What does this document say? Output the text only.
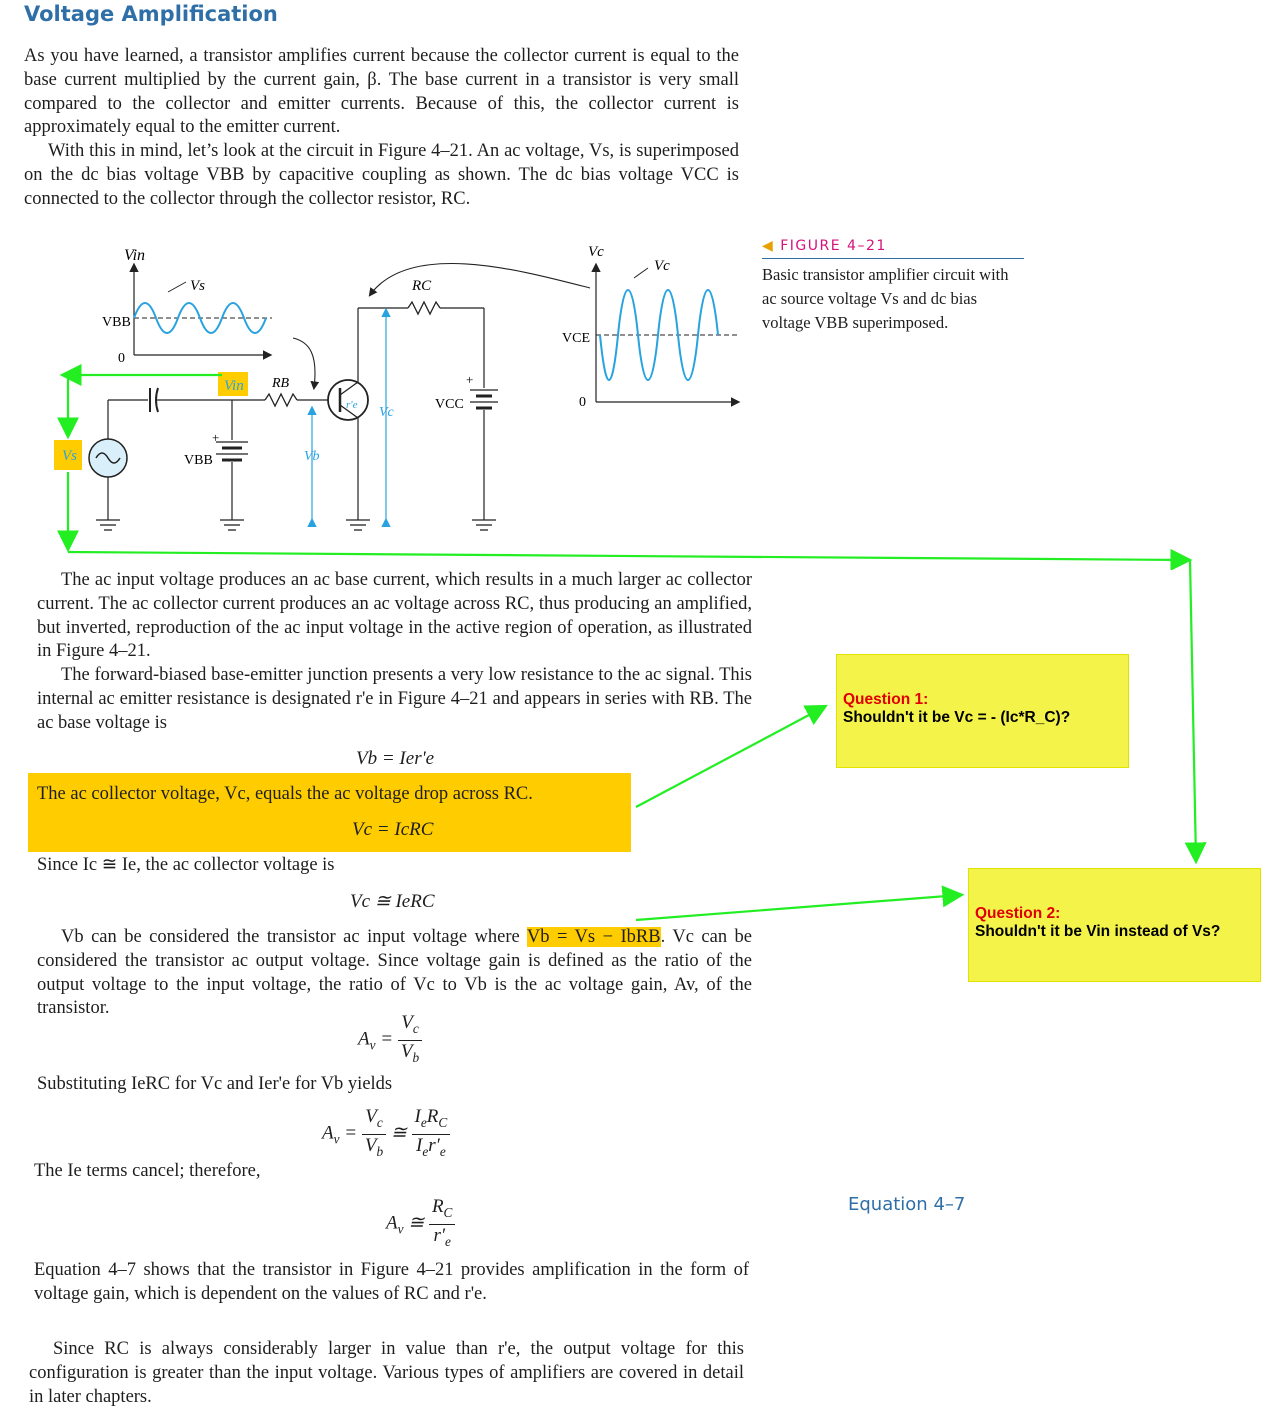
Voltage Amplification
As you have learned, a transistor amplifies current because the collector current is equal to the base current multiplied by the current gain, β. The base current in a transistor is very small compared to the collector and emitter currents. Because of this, the collector current is approximately equal to the emitter current.
With this in mind, let’s look at the circuit in Figure 4–21. An ac voltage, Vs, is superimposed on the dc bias voltage VBB by capacitive coupling as shown. The dc bias voltage VCC is connected to the collector through the collector resistor, RC.
◀ FIGURE 4–21
Basic transistor amplifier circuit with ac source voltage Vs and dc bias voltage VBB superimposed.
Vin
Vs
VBB
0
Vc
Vc
VCE
0
+
VBB
r'e
RC
RB	+
VCC
Vb
Vc
Vin
Vs
The ac input voltage produces an ac base current, which results in a much larger ac collector current. The ac collector current produces an ac voltage across RC, thus producing an amplified, but inverted, reproduction of the ac input voltage in the active region of operation, as illustrated in Figure 4–21.
The forward-biased base-emitter junction presents a very low resistance to the ac signal. This internal ac emitter resistance is designated r'e in Figure 4–21 and appears in series with RB. The ac base voltage is
Vb = Ier'e
The ac collector voltage, Vc, equals the ac voltage drop across RC.
Vc = IcRC
Since Ic ≅ Ie, the ac collector voltage is
Vc ≅ IeRC
Vb can be considered the transistor ac input voltage where Vb = Vs − IbRB. Vc can be considered the transistor ac output voltage. Since voltage gain is defined as the ratio of the output voltage to the input voltage, the ratio of Vc to Vb is the ac voltage gain, Av, of the transistor.
$A_v = \frac{V_c}{V_b}$
Substituting IeRC for Vc and Ier'e for Vb yields
$A_v = \frac{V_c}{V_b}$ ≅ $\frac{I_eR_C}{I_er'_e}$
The Ie terms cancel; therefore,
$A_v$ ≅ $\frac{R_C}{r'_e}$	Equation 4–7
Equation 4–7 shows that the transistor in Figure 4–21 provides amplification in the form of voltage gain, which is dependent on the values of RC and r'e.
Since RC is always considerably larger in value than r'e, the output voltage for this configuration is greater than the input voltage. Various types of amplifiers are covered in detail in later chapters.
Question 1:
Shouldn't it be Vc = - (Ic*R_C)?
Question 2:
Shouldn't it be Vin instead of Vs?
